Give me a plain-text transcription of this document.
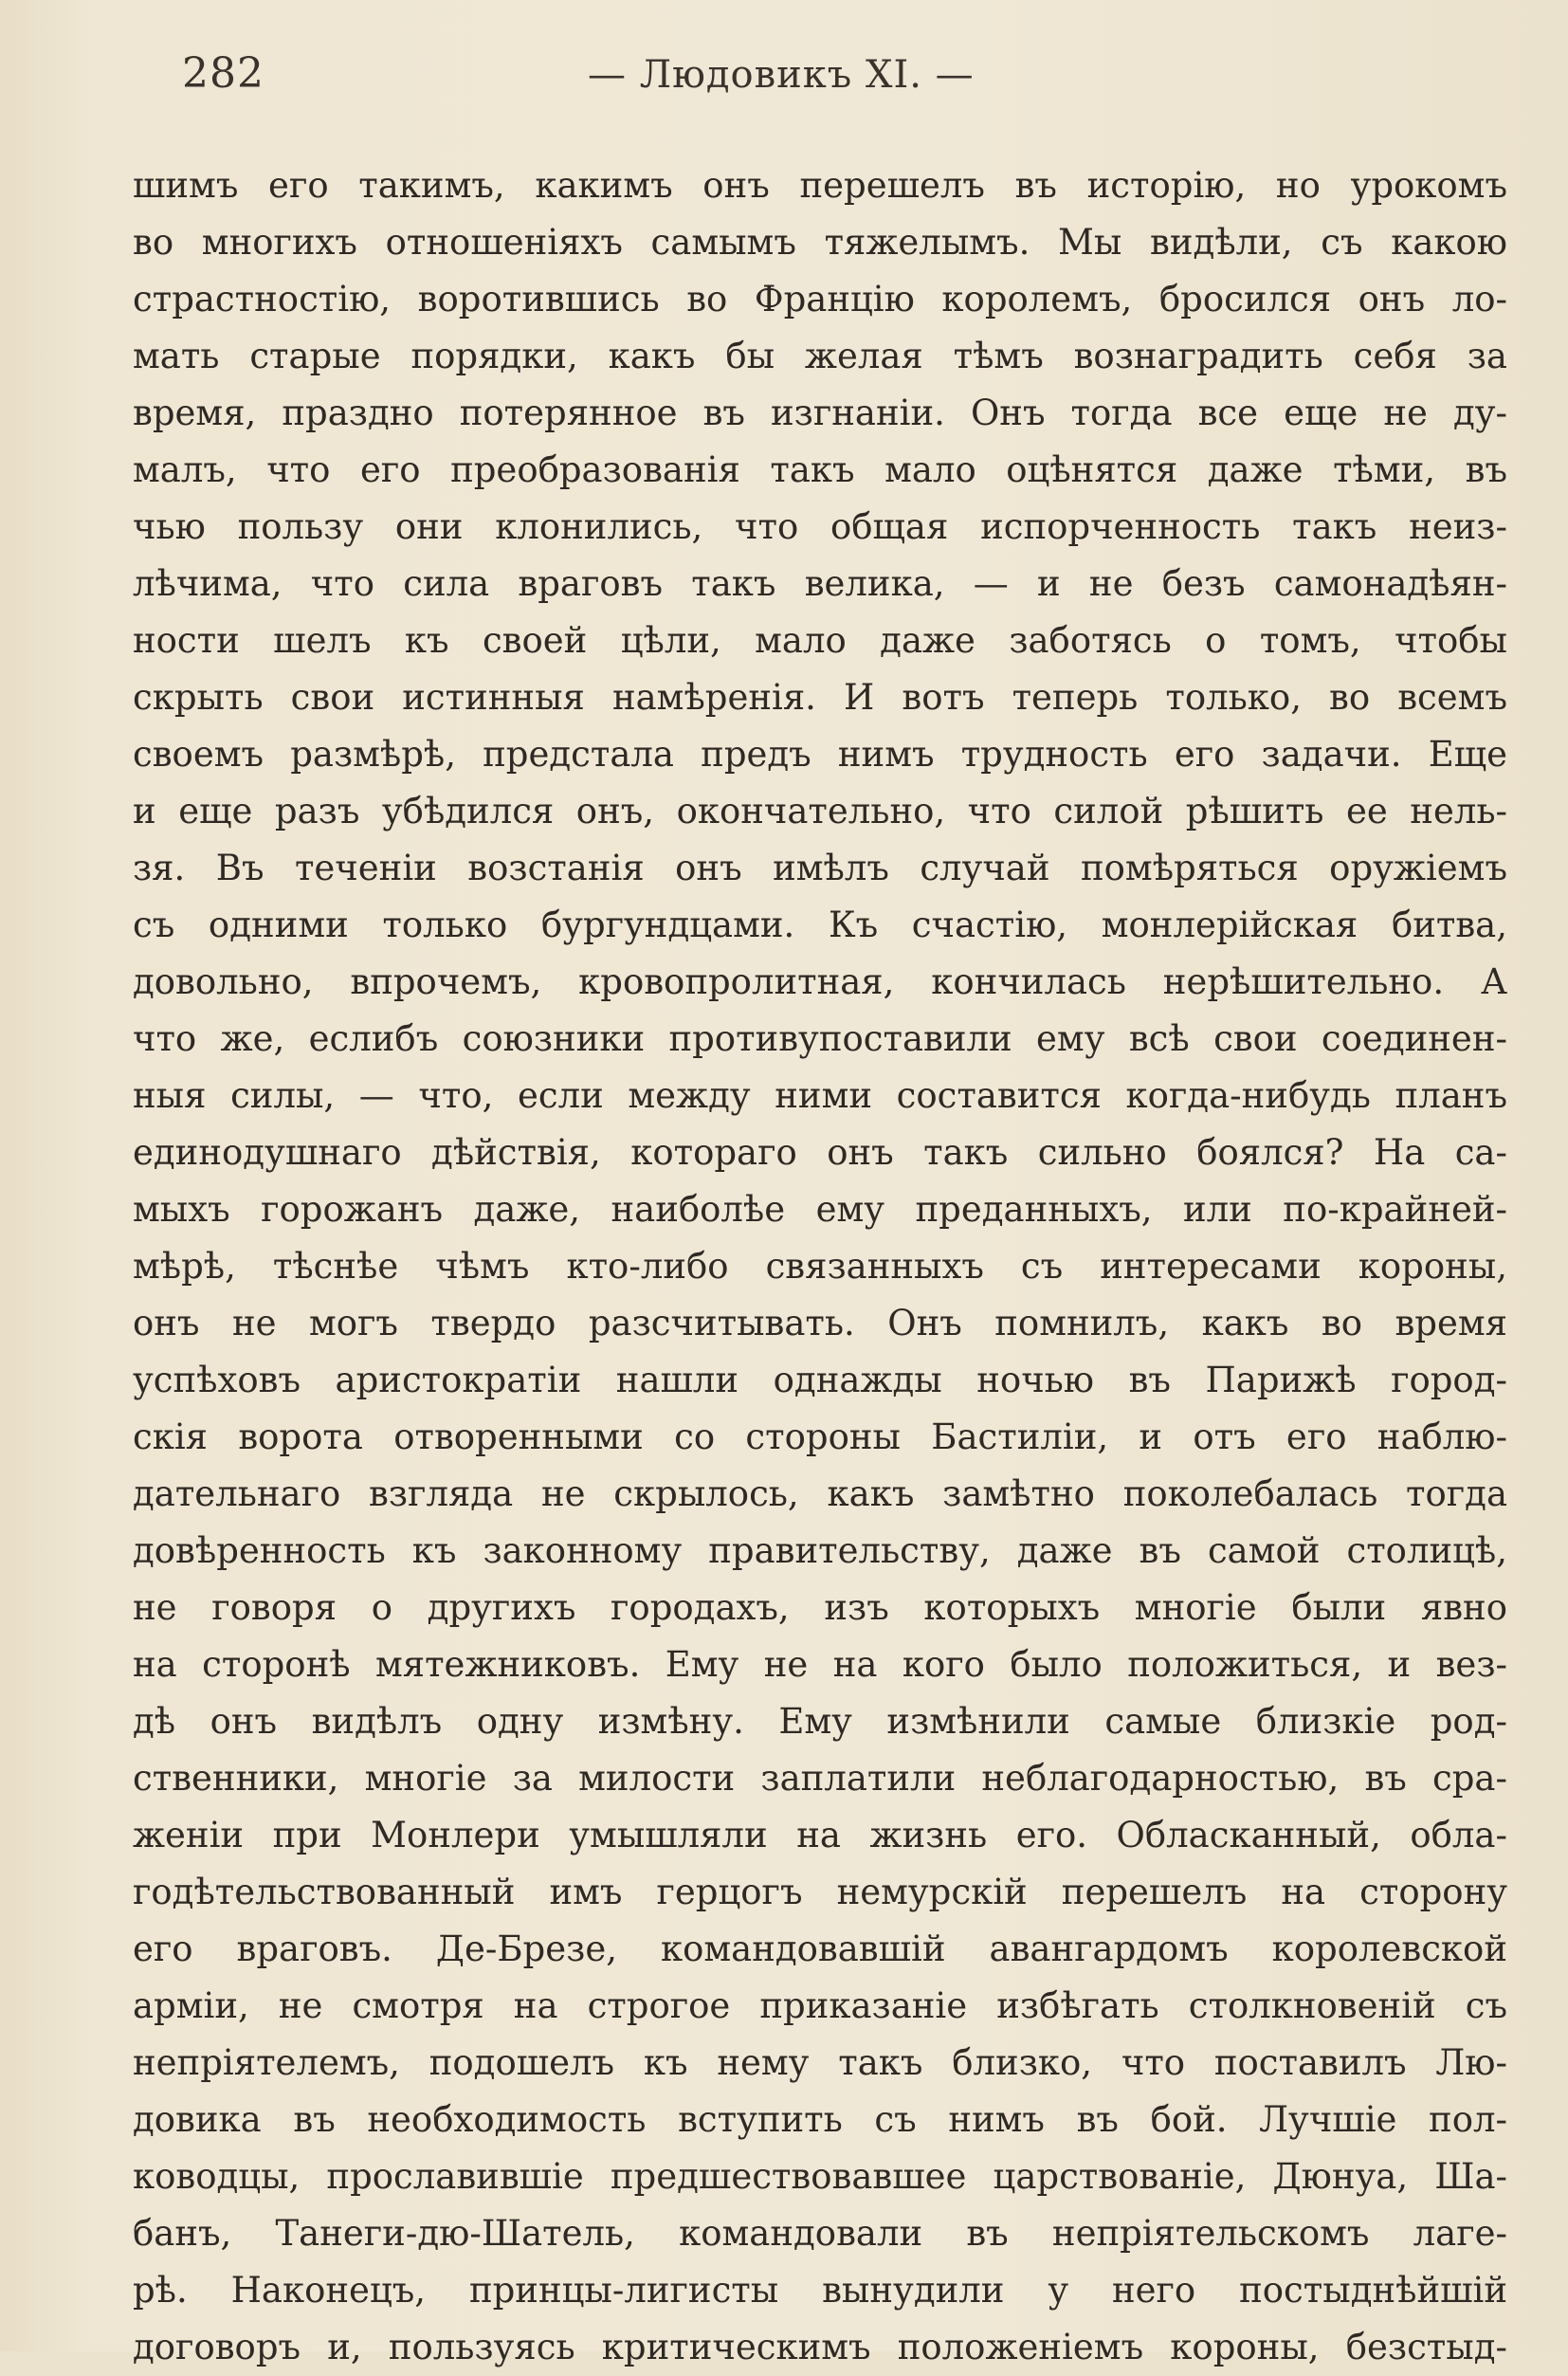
282	— Людовикъ XI. —
шимъ его такимъ, какимъ онъ перешелъ въ исторію, но урокомъ
во многихъ отношеніяхъ самымъ тяжелымъ. Мы видѣли, съ какою
страстностію, воротившись во Францію королемъ, бросился онъ ло-
мать старые порядки, какъ бы желая тѣмъ вознаградить себя за
время, праздно потерянное въ изгнаніи. Онъ тогда все еще не ду-
малъ, что его преобразованія такъ мало оцѣнятся даже тѣми, въ
чью пользу они клонились, что общая испорченность такъ неиз-
лѣчима, что сила враговъ такъ велика, — и не безъ самонадѣян-
ности шелъ къ своей цѣли, мало даже заботясь о томъ, чтобы
скрыть свои истинныя намѣренія. И вотъ теперь только, во всемъ
своемъ размѣрѣ, предстала предъ нимъ трудность его задачи. Еще
и еще разъ убѣдился онъ, окончательно, что силой рѣшить ее нель-
зя. Въ теченіи возстанія онъ имѣлъ случай помѣряться оружіемъ
съ одними только бургундцами. Къ счастію, монлерійская битва,
довольно, впрочемъ, кровопролитная, кончилась нерѣшительно. А
что же, еслибъ союзники противупоставили ему всѣ свои соединен-
ныя силы, — что, если между ними составится когда-нибудь планъ
единодушнаго дѣйствія, котораго онъ такъ сильно боялся? На са-
мыхъ горожанъ даже, наиболѣе ему преданныхъ, или по-крайней-
мѣрѣ, тѣснѣе чѣмъ кто-либо связанныхъ съ интересами короны,
онъ не могъ твердо разсчитывать. Онъ помнилъ, какъ во время
успѣховъ аристократіи нашли однажды ночью въ Парижѣ город-
скія ворота отворенными со стороны Бастиліи, и отъ его наблю-
дательнаго взгляда не скрылось, какъ замѣтно поколебалась тогда
довѣренность къ законному правительству, даже въ самой столицѣ,
не говоря о другихъ городахъ, изъ которыхъ многіе были явно
на сторонѣ мятежниковъ. Ему не на кого было положиться, и вез-
дѣ онъ видѣлъ одну измѣну. Ему измѣнили самые близкіе род-
ственники, многіе за милости заплатили неблагодарностью, въ сра-
женіи при Монлери умышляли на жизнь его. Обласканный, обла-
годѣтельствованный имъ герцогъ немурскій перешелъ на сторону
его враговъ. Де-Брезе, командовавшій авангардомъ королевской
арміи, не смотря на строгое приказаніе избѣгать столкновеній съ
непріятелемъ, подошелъ къ нему такъ близко, что поставилъ Лю-
довика въ необходимость вступить съ нимъ въ бой. Лучшіе пол-
ководцы, прославившіе предшествовавшее царствованіе, Дюнуа, Ша-
банъ, Танеги-дю-Шатель, командовали въ непріятельскомъ лаге-
рѣ. Наконецъ, принцы-лигисты вынудили у него постыднѣйшій
договоръ и, пользуясь критическимъ положеніемъ короны, безстыд-
